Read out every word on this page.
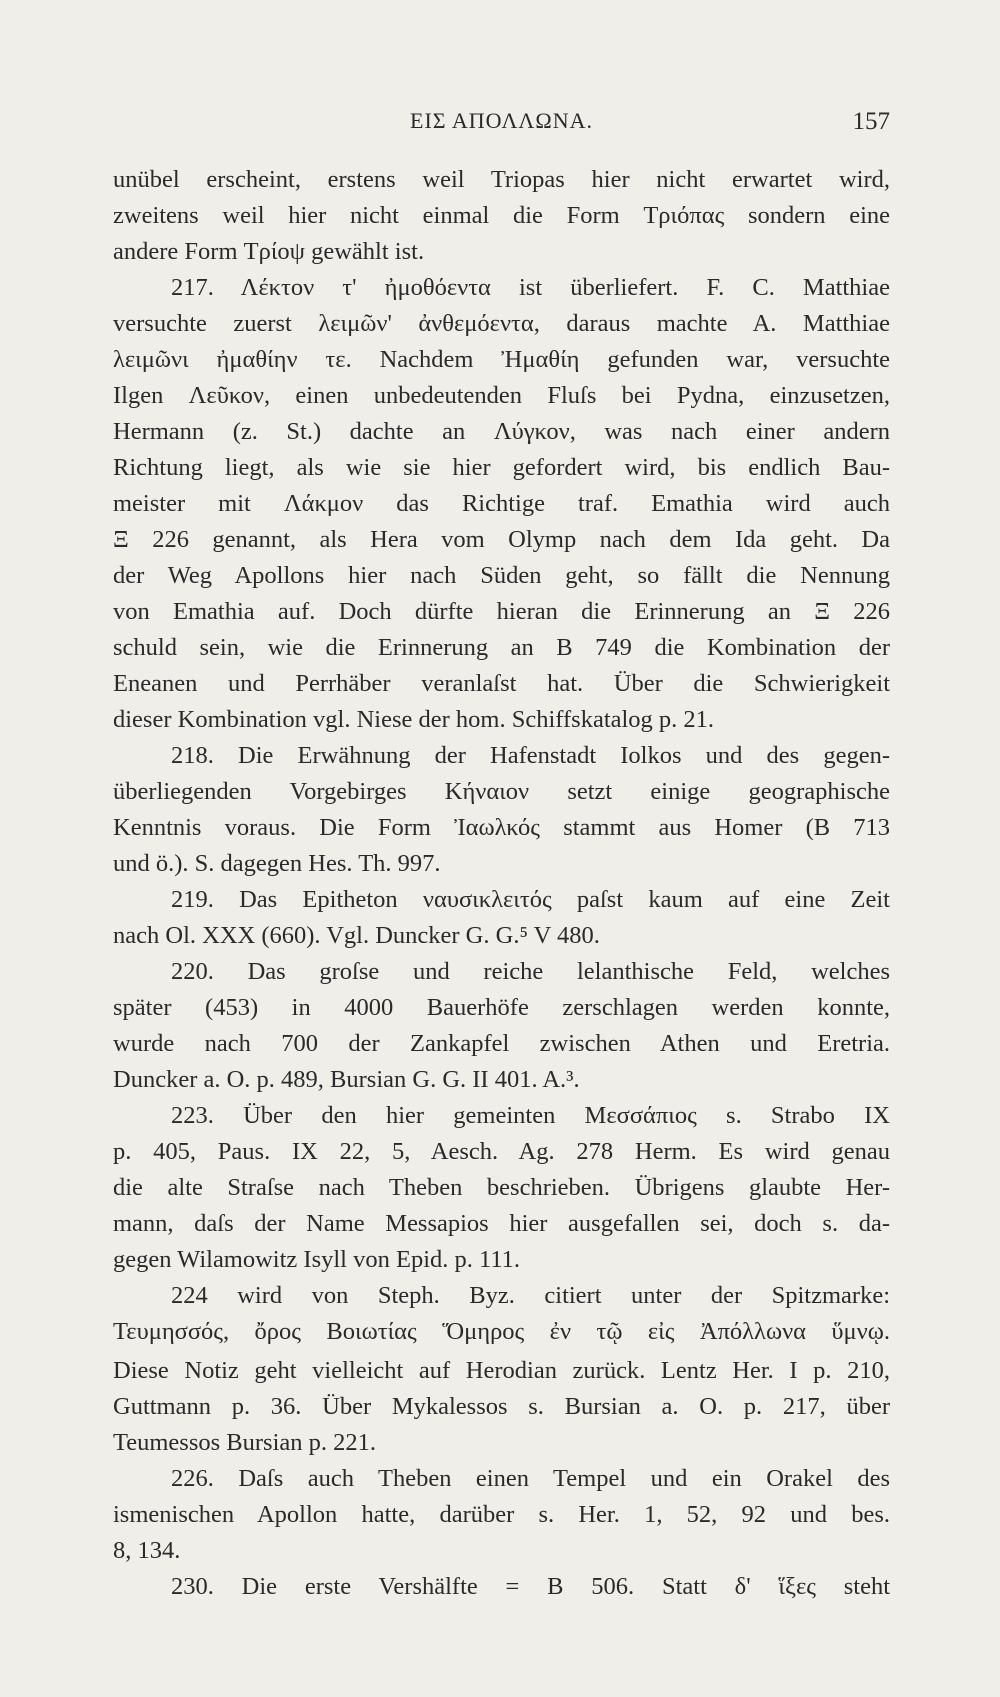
ΕΙΣ ΑΠΟΛΛΩΝΑ.	157
unübel erscheint, erstens weil Triopas hier nicht erwartet wird,
zweitens weil hier nicht einmal die Form Τριόπας sondern eine
andere Form Τρίοψ gewählt ist.
217. Λέκτον τ' ἠμοθόεντα ist überliefert. F. C. Matthiae
versuchte zuerst λειμῶν' ἀνθεμόεντα, daraus machte A. Matthiae
λειμῶνι ἠμαθίην τε. Nachdem Ἠμαθίη gefunden war, versuchte
Ilgen Λεῦκον, einen unbedeutenden Fluſs bei Pydna, einzusetzen,
Hermann (z. St.) dachte an Λύγκον, was nach einer andern
Richtung liegt, als wie sie hier gefordert wird, bis endlich Bau-
meister mit Λάκμον das Richtige traf. Emathia wird auch
Ξ 226 genannt, als Hera vom Olymp nach dem Ida geht. Da
der Weg Apollons hier nach Süden geht, so fällt die Nennung
von Emathia auf. Doch dürfte hieran die Erinnerung an Ξ 226
schuld sein, wie die Erinnerung an B 749 die Kombination der
Eneanen und Perrhäber veranlaſst hat. Über die Schwierigkeit
dieser Kombination vgl. Niese der hom. Schiffskatalog p. 21.
218. Die Erwähnung der Hafenstadt Iolkos und des gegen-
überliegenden Vorgebirges Κήναιον setzt einige geographische
Kenntnis voraus. Die Form Ἰαωλκός stammt aus Homer (B 713
und ö.). S. dagegen Hes. Th. 997.
219. Das Epitheton ναυσικλειτός paſst kaum auf eine Zeit
nach Ol. XXX (660). Vgl. Duncker G. G.⁵ V 480.
220. Das groſse und reiche lelanthische Feld, welches
später (453) in 4000 Bauerhöfe zerschlagen werden konnte,
wurde nach 700 der Zankapfel zwischen Athen und Eretria.
Duncker a. O. p. 489, Bursian G. G. II 401. A.³.
223. Über den hier gemeinten Μεσσάπιος s. Strabo IX
p. 405, Paus. IX 22, 5, Aesch. Ag. 278 Herm. Es wird genau
die alte Straſse nach Theben beschrieben. Übrigens glaubte Her-
mann, daſs der Name Messapios hier ausgefallen sei, doch s. da-
gegen Wilamowitz Isyll von Epid. p. 111.
224 wird von Steph. Byz. citiert unter der Spitzmarke:
Τευμησσός, ὄρος Βοιωτίας Ὅμηρος ἐν τῷ εἰς Ἀπόλλωνα ὕμνῳ.
Diese Notiz geht vielleicht auf Herodian zurück. Lentz Her. I p. 210,
Guttmann p. 36. Über Mykalessos s. Bursian a. O. p. 217, über
Teumessos Bursian p. 221.
226. Daſs auch Theben einen Tempel und ein Orakel des
ismenischen Apollon hatte, darüber s. Her. 1, 52, 92 und bes.
8, 134.
230. Die erste Vershälfte = B 506. Statt δ' ἵξες steht
